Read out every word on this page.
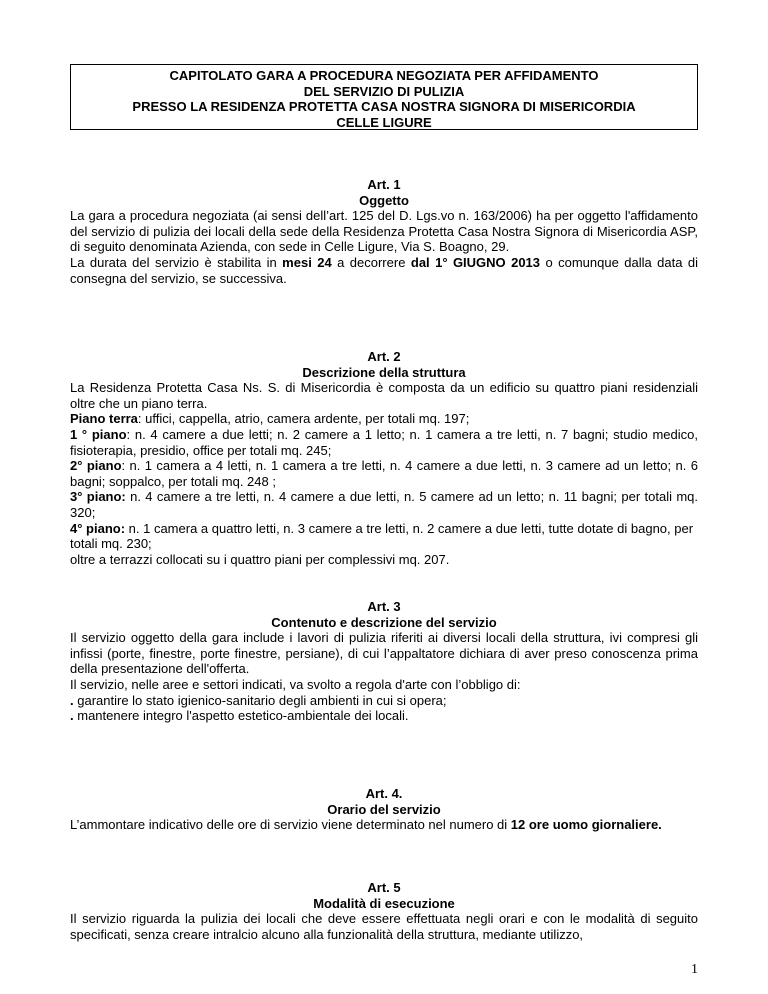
CAPITOLATO GARA A PROCEDURA NEGOZIATA PER AFFIDAMENTO
DEL SERVIZIO DI PULIZIA
PRESSO LA RESIDENZA PROTETTA CASA NOSTRA SIGNORA DI MISERICORDIA
CELLE LIGURE
Art. 1
Oggetto
La gara a procedura negoziata (ai sensi dell’art. 125 del D. Lgs.vo n. 163/2006) ha per oggetto l'affidamento del servizio di pulizia dei locali della sede della Residenza Protetta Casa Nostra Signora di Misericordia ASP, di seguito denominata Azienda, con sede in Celle Ligure, Via S. Boagno, 29.
La durata del servizio è stabilita in mesi 24 a decorrere dal 1° GIUGNO 2013 o comunque dalla data di consegna del servizio, se successiva.
Art. 2
Descrizione della struttura
La Residenza Protetta Casa Ns. S. di Misericordia è composta da un edificio su quattro piani residenziali oltre che un piano terra.
Piano terra: uffici, cappella, atrio, camera ardente, per totali mq. 197;
1 ° piano: n. 4 camere a due letti; n. 2 camere a 1 letto; n. 1 camera a tre letti, n. 7 bagni; studio medico, fisioterapia, presidio, office per totali mq. 245;
2° piano: n. 1 camera a 4 letti, n. 1 camera a tre letti, n. 4 camere a due letti, n. 3 camere ad un letto; n. 6 bagni; soppalco, per totali mq. 248 ;
3° piano: n. 4 camere a tre letti, n. 4 camere a due letti, n. 5 camere ad un letto; n. 11 bagni; per totali mq. 320;
4° piano: n. 1 camera a quattro letti, n. 3 camere a tre letti, n. 2 camere a due letti, tutte dotate di bagno, per totali mq. 230;
oltre a terrazzi collocati su i quattro piani per complessivi mq. 207.
Art. 3
Contenuto e descrizione del servizio
Il servizio oggetto della gara include i lavori di pulizia riferiti ai diversi locali della struttura, ivi compresi gli infissi (porte, finestre, porte finestre, persiane), di cui l’appaltatore dichiara di aver preso conoscenza prima della presentazione dell'offerta.
Il servizio, nelle aree e settori indicati, va svolto a regola d'arte con l’obbligo di:
. garantire lo stato igienico-sanitario degli ambienti in cui si opera;
. mantenere integro l'aspetto estetico-ambientale dei locali.
Art. 4.
Orario del servizio
L’ammontare indicativo delle ore di servizio viene determinato nel numero di 12 ore uomo giornaliere.
Art. 5
Modalità di esecuzione
Il servizio riguarda la pulizia dei locali che deve essere effettuata negli orari e con le modalità di seguito specificati, senza creare intralcio alcuno alla funzionalità della struttura, mediante utilizzo,
1
